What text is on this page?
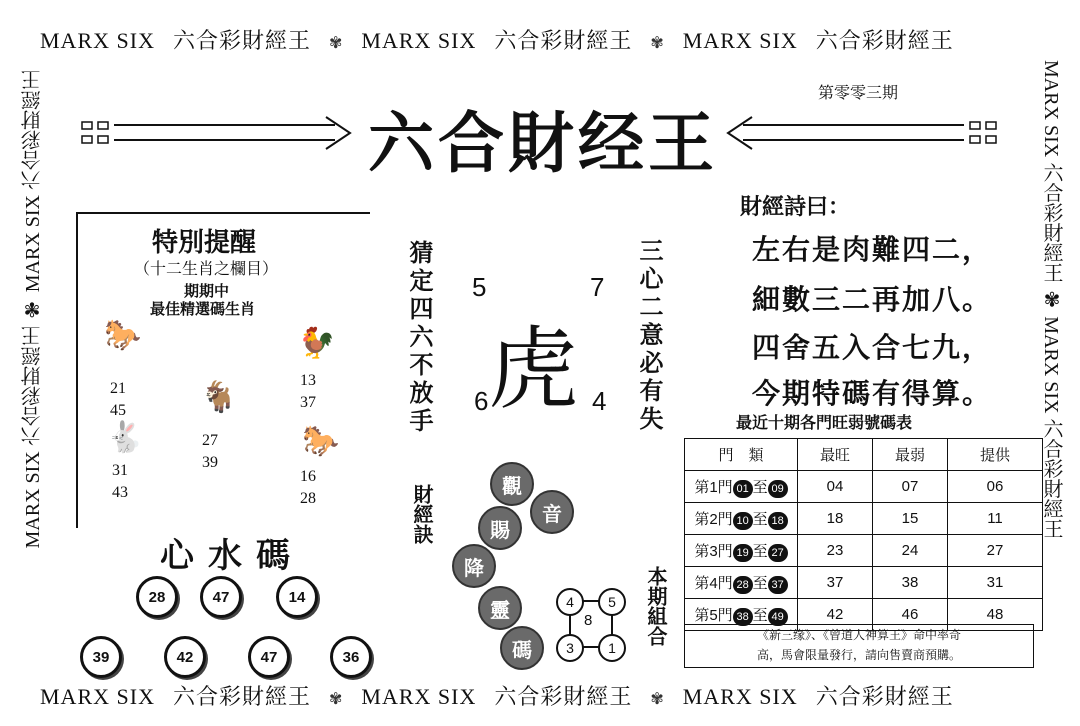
MARX SIX 六合彩財經王 ✾ MARX SIX 六合彩財經王 ✾ MARX SIX 六合彩財經王
MARX SIX 六合彩財經王 ✾ MARX SIX 六合彩財經王 ✾ MARX SIX 六合彩財經王
MARX SIX 六合彩財經王 ✾ MARX SIX 六合彩財經王	MARX SIX 六合彩財經王 ✾ MARX SIX 六合彩財經王
第零零三期
六合財经王
特別提醒
（十二生肖之欄目）
期期中
最佳精選碼生肖
🐎	🐓
🐐
🐇	🐎
21
45
13
37
27
39
31
43
16
28
心水碼
28	47	14
39	42	47	36
猜定四六不放手	三心二意必有失
虎
5	7
6	4
財經訣	觀
音
賜
降
靈
碼
4	5
8
3	1
本期組合
財經詩曰：
左右是肉難四二，
細數三二再加八。
四舍五入合七九，
今期特碼有得算。
最近十期各門旺弱號碼表
門　類	最旺	最弱	提供
第1門 01 至 09	04	07	06
第2門 10 至 18	18	15	11
第3門 19 至 27	23	24	27
第4門 28 至 37	37	38	31
第5門 38 至 49	42	46	48
《新三缘》、《曾道人神算王》命中率奇
高，馬會限量發行，請向售賣商預購。
